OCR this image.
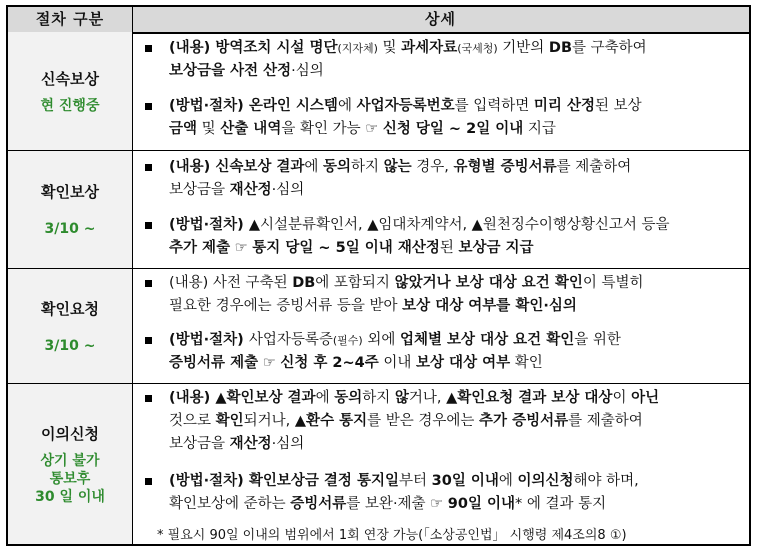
절차 구분	상세
신속보상
현 진행중
(내용) 방역조치 시설 명단(지자체) 및 과세자료(국세청) 기반의 DB를 구축하여
보상금을 사전 산정·심의
(방법·절차) 온라인 시스템에 사업자등록번호를 입력하면 미리 산정된 보상
금액 및 산출 내역을 확인 가능 ☞ 신청 당일 ~ 2일 이내 지급
확인보상
3/10 ~
(내용) 신속보상 결과에 동의하지 않는 경우, 유형별 증빙서류를 제출하여
보상금을 재산정·심의
(방법·절차) ▲시설분류확인서, ▲임대차계약서, ▲원천징수이행상황신고서 등을
추가 제출 ☞ 통지 당일 ~ 5일 이내 재산정된 보상금 지급
확인요청
3/10 ~
(내용) 사전 구축된 DB에 포함되지 않았거나 보상 대상 요건 확인이 특별히
필요한 경우에는 증빙서류 등을 받아 보상 대상 여부를 확인·심의
(방법·절차) 사업자등록증(필수) 외에 업체별 보상 대상 요건 확인을 위한
증빙서류 제출 ☞ 신청 후 2~4주 이내 보상 대상 여부 확인
이의신청
상기 불가
통보후
30 일 이내
(내용) ▲확인보상 결과에 동의하지 않거나, ▲확인요청 결과 보상 대상이 아닌
것으로 확인되거나, ▲환수 통지를 받은 경우에는 추가 증빙서류를 제출하여
보상금을 재산정·심의
(방법·절차) 확인보상금 결정 통지일부터 30일 이내에 이의신청해야 하며,
확인보상에 준하는 증빙서류를 보완·제출 ☞ 90일 이내* 에 결과 통지
* 필요시 90일 이내의 범위에서 1회 연장 가능(「소상공인법」 시행령 제4조의8 ①)
